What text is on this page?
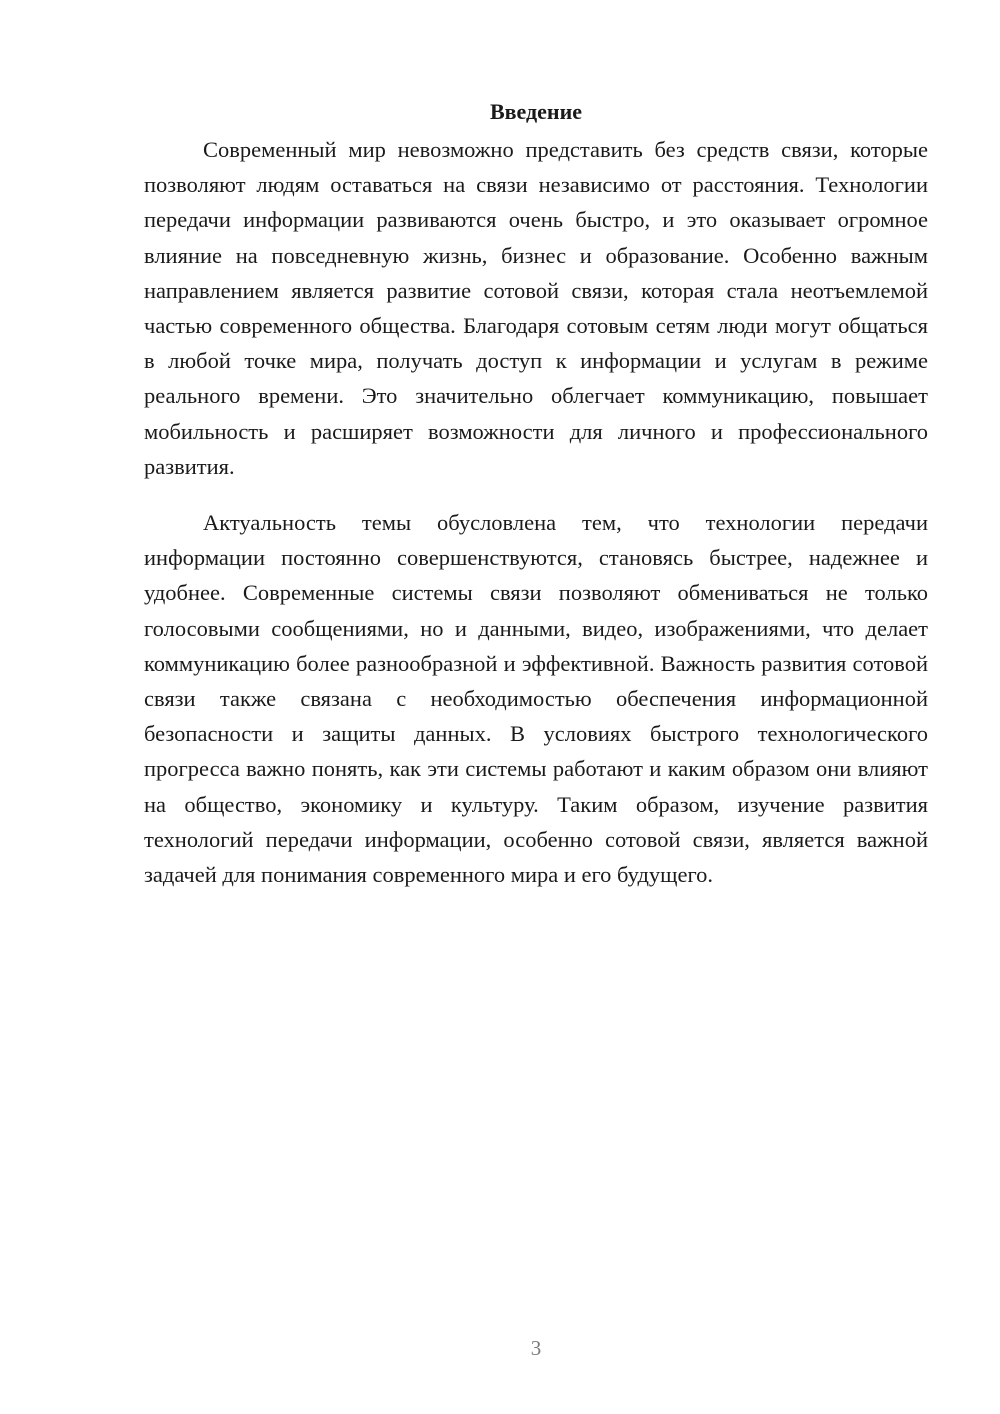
Введение

Современный мир невозможно представить без средств связи, которые позволяют людям оставаться на связи независимо от расстояния. Технологии передачи информации развиваются очень быстро, и это оказывает огромное влияние на повседневную жизнь, бизнес и образование. Особенно важным направлением является развитие сотовой связи, которая стала неотъемлемой частью современного общества. Благодаря сотовым сетям люди могут общаться в любой точке мира, получать доступ к информации и услугам в режиме реального времени. Это значительно облегчает коммуникацию, повышает мобильность и расширяет возможности для личного и профессионального развития.

Актуальность темы обусловлена тем, что технологии передачи информации постоянно совершенствуются, становясь быстрее, надежнее и удобнее. Современные системы связи позволяют обмениваться не только голосовыми сообщениями, но и данными, видео, изображениями, что делает коммуникацию более разнообразной и эффективной. Важность развития сотовой связи также связана с необходимостью обеспечения информационной безопасности и защиты данных. В условиях быстрого технологического прогресса важно понять, как эти системы работают и каким образом они влияют на общество, экономику и культуру. Таким образом, изучение развития технологий передачи информации, особенно сотовой связи, является важной задачей для понимания современного мира и его будущего.

3
